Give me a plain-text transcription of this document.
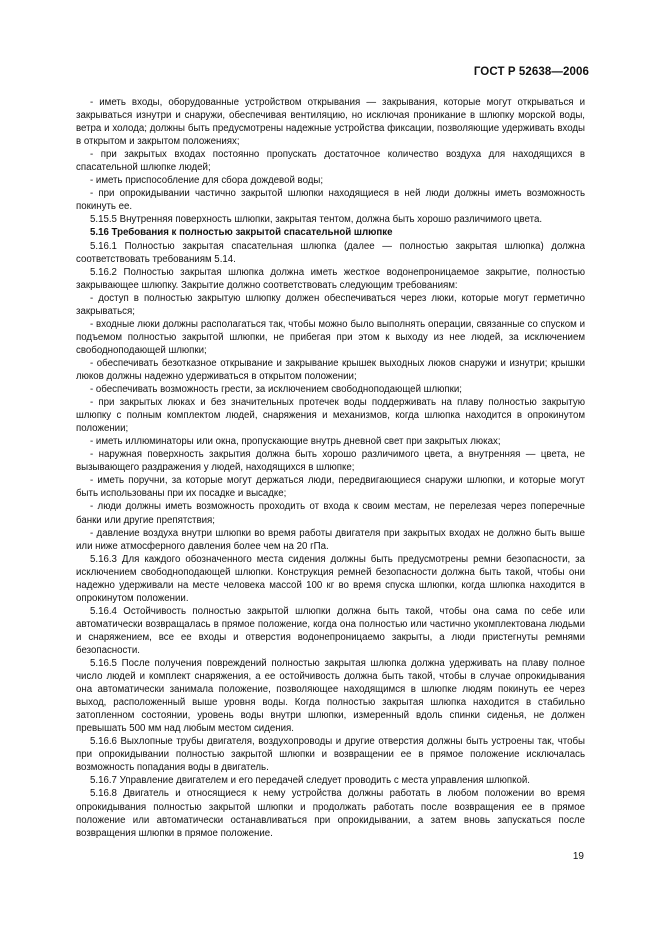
ГОСТ Р 52638—2006

- иметь входы, оборудованные устройством открывания — закрывания, которые могут открываться и закрываться изнутри и снаружи, обеспечивая вентиляцию, но исключая проникание в шлюпку морской воды, ветра и холода; должны быть предусмотрены надежные устройства фиксации, позволяющие удерживать входы в открытом и закрытом положениях;

- при закрытых входах постоянно пропускать достаточное количество воздуха для находящихся в спасательной шлюпке людей;

- иметь приспособление для сбора дождевой воды;

- при опрокидывании частично закрытой шлюпки находящиеся в ней люди должны иметь возможность покинуть ее.

5.15.5 Внутренняя поверхность шлюпки, закрытая тентом, должна быть хорошо различимого цвета.

5.16 Требования к полностью закрытой спасательной шлюпке

5.16.1 Полностью закрытая спасательная шлюпка (далее — полностью закрытая шлюпка) должна соответствовать требованиям 5.14.

5.16.2 Полностью закрытая шлюпка должна иметь жесткое водонепроницаемое закрытие, полностью закрывающее шлюпку. Закрытие должно соответствовать следующим требованиям:

- доступ в полностью закрытую шлюпку должен обеспечиваться через люки, которые могут герметично закрываться;

- входные люки должны располагаться так, чтобы можно было выполнять операции, связанные со спуском и подъемом полностью закрытой шлюпки, не прибегая при этом к выходу из нее людей, за исключением свободноподающей шлюпки;

- обеспечивать безотказное открывание и закрывание крышек выходных люков снаружи и изнутри; крышки люков должны надежно удерживаться в открытом положении;

- обеспечивать возможность грести, за исключением свободноподающей шлюпки;

- при закрытых люках и без значительных протечек воды поддерживать на плаву полностью закрытую шлюпку с полным комплектом людей, снаряжения и механизмов, когда шлюпка находится в опрокинутом положении;

- иметь иллюминаторы или окна, пропускающие внутрь дневной свет при закрытых люках;

- наружная поверхность закрытия должна быть хорошо различимого цвета, а внутренняя — цвета, не вызывающего раздражения у людей, находящихся в шлюпке;

- иметь поручни, за которые могут держаться люди, передвигающиеся снаружи шлюпки, и которые могут быть использованы при их посадке и высадке;

- люди должны иметь возможность проходить от входа к своим местам, не перелезая через поперечные банки или другие препятствия;

- давление воздуха внутри шлюпки во время работы двигателя при закрытых входах не должно быть выше или ниже атмосферного давления более чем на 20 гПа.

5.16.3 Для каждого обозначенного места сидения должны быть предусмотрены ремни безопасности, за исключением свободноподающей шлюпки. Конструкция ремней безопасности должна быть такой, чтобы они надежно удерживали на месте человека массой 100 кг во время спуска шлюпки, когда шлюпка находится в опрокинутом положении.

5.16.4 Остойчивость полностью закрытой шлюпки должна быть такой, чтобы она сама по себе или автоматически возвращалась в прямое положение, когда она полностью или частично укомплектована людьми и снаряжением, все ее входы и отверстия водонепроницаемо закрыты, а люди пристегнуты ремнями безопасности.

5.16.5 После получения повреждений полностью закрытая шлюпка должна удерживать на плаву полное число людей и комплект снаряжения, а ее остойчивость должна быть такой, чтобы в случае опрокидывания она автоматически занимала положение, позволяющее находящимся в шлюпке людям покинуть ее через выход, расположенный выше уровня воды. Когда полностью закрытая шлюпка находится в стабильно затопленном состоянии, уровень воды внутри шлюпки, измеренный вдоль спинки сиденья, не должен превышать 500 мм над любым местом сидения.

5.16.6 Выхлопные трубы двигателя, воздухопроводы и другие отверстия должны быть устроены так, чтобы при опрокидывании полностью закрытой шлюпки и возвращении ее в прямое положение исключалась возможность попадания воды в двигатель.

5.16.7 Управление двигателем и его передачей следует проводить с места управления шлюпкой.

5.16.8 Двигатель и относящиеся к нему устройства должны работать в любом положении во время опрокидывания полностью закрытой шлюпки и продолжать работать после возвращения ее в прямое положение или автоматически останавливаться при опрокидывании, а затем вновь запускаться после возвращения шлюпки в прямое положение.

19
